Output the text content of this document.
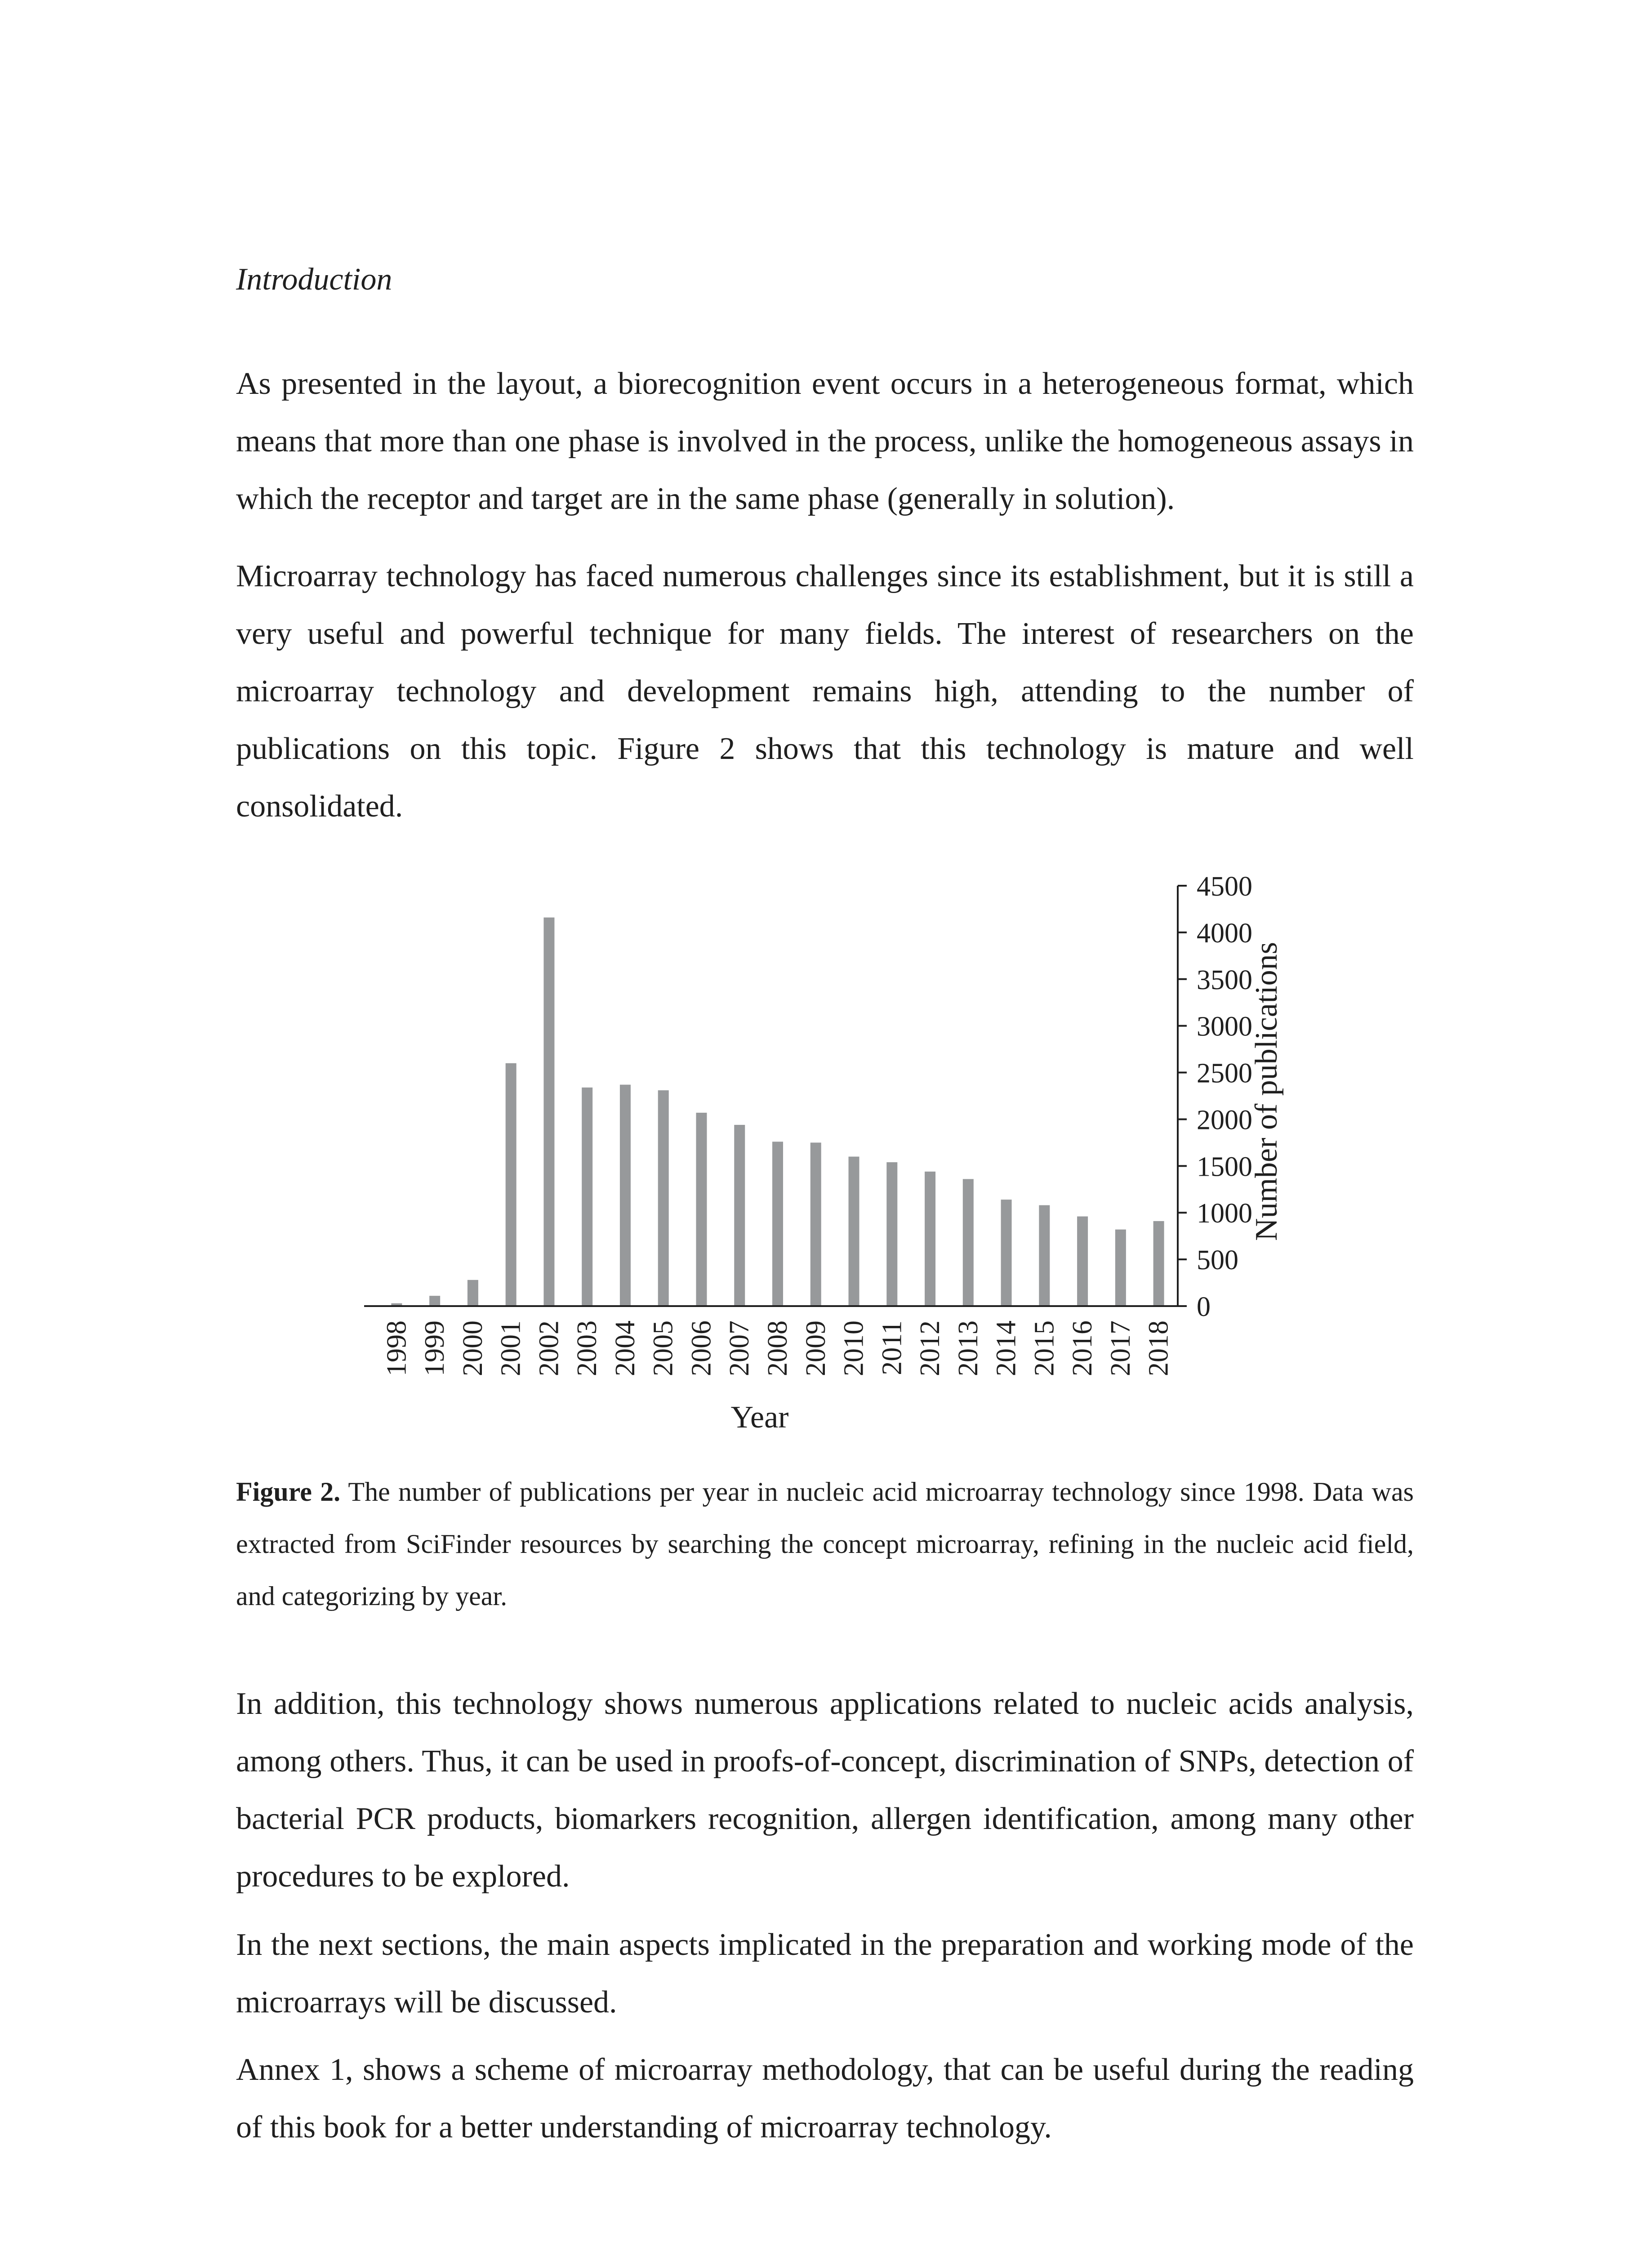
Introduction

As presented in the layout, a biorecognition event occurs in a heterogeneous format, which means that more than one phase is involved in the process, unlike the homogeneous assays in which the receptor and target are in the same phase (generally in solution).

Microarray technology has faced numerous challenges since its establishment, but it is still a very useful and powerful technique for many fields. The interest of researchers on the microarray technology and development remains high, attending to the number of publications on this topic. Figure 2 shows that this technology is mature and well consolidated.

0
500
1000
1500
2000
2500
3000
3500
4000
4500
1998 1999 2000 2001 2002 2003 2004 2005 2006 2007 2008 2009 2010 2011 2012 2013 2014 2015 2016 2017 2018
Year
Number of publications

Figure 2. The number of publications per year in nucleic acid microarray technology since 1998. Data was extracted from SciFinder resources by searching the concept microarray, refining in the nucleic acid field, and categorizing by year.

In addition, this technology shows numerous applications related to nucleic acids analysis, among others. Thus, it can be used in proofs-of-concept, discrimination of SNPs, detection of bacterial PCR products, biomarkers recognition, allergen identification, among many other procedures to be explored.

In the next sections, the main aspects implicated in the preparation and working mode of the microarrays will be discussed.

Annex 1, shows a scheme of microarray methodology, that can be useful during the reading of this book for a better understanding of microarray technology.
